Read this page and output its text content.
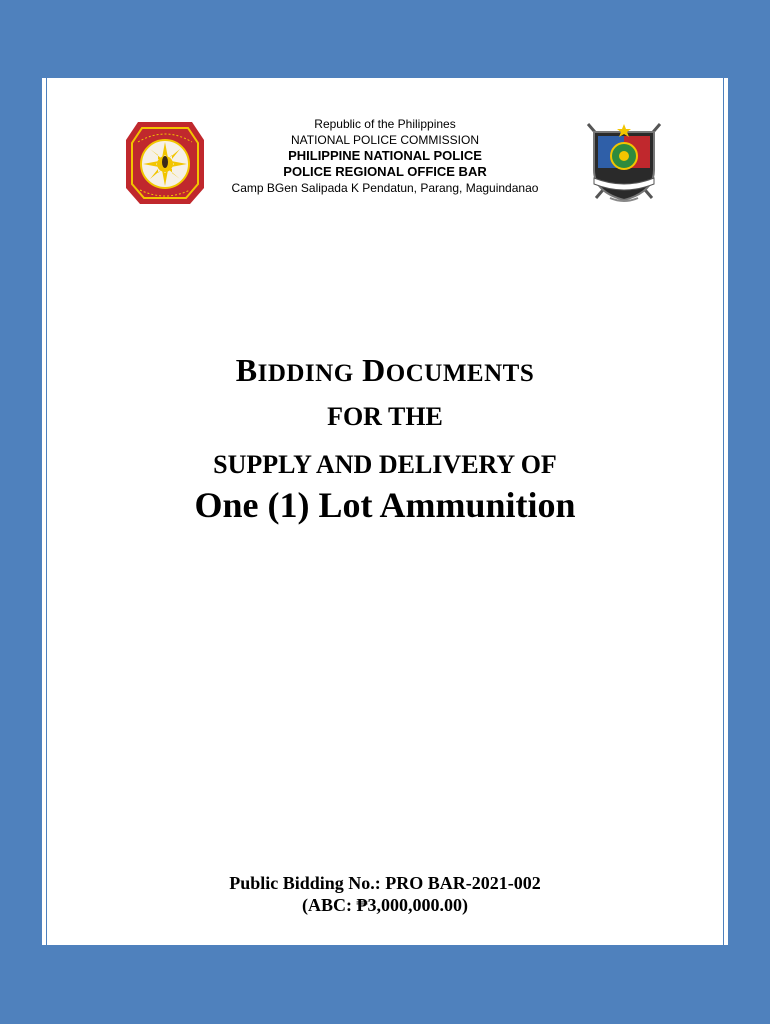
Republic of the Philippines
NATIONAL POLICE COMMISSION
PHILIPPINE NATIONAL POLICE
POLICE REGIONAL OFFICE BAR
Camp BGen Salipada K Pendatun, Parang, Maguindanao
BIDDING DOCUMENTS
FOR THE
SUPPLY AND DELIVERY OF
One (1) Lot Ammunition
Public Bidding No.: PRO BAR-2021-002
(ABC: ₱3,000,000.00)
